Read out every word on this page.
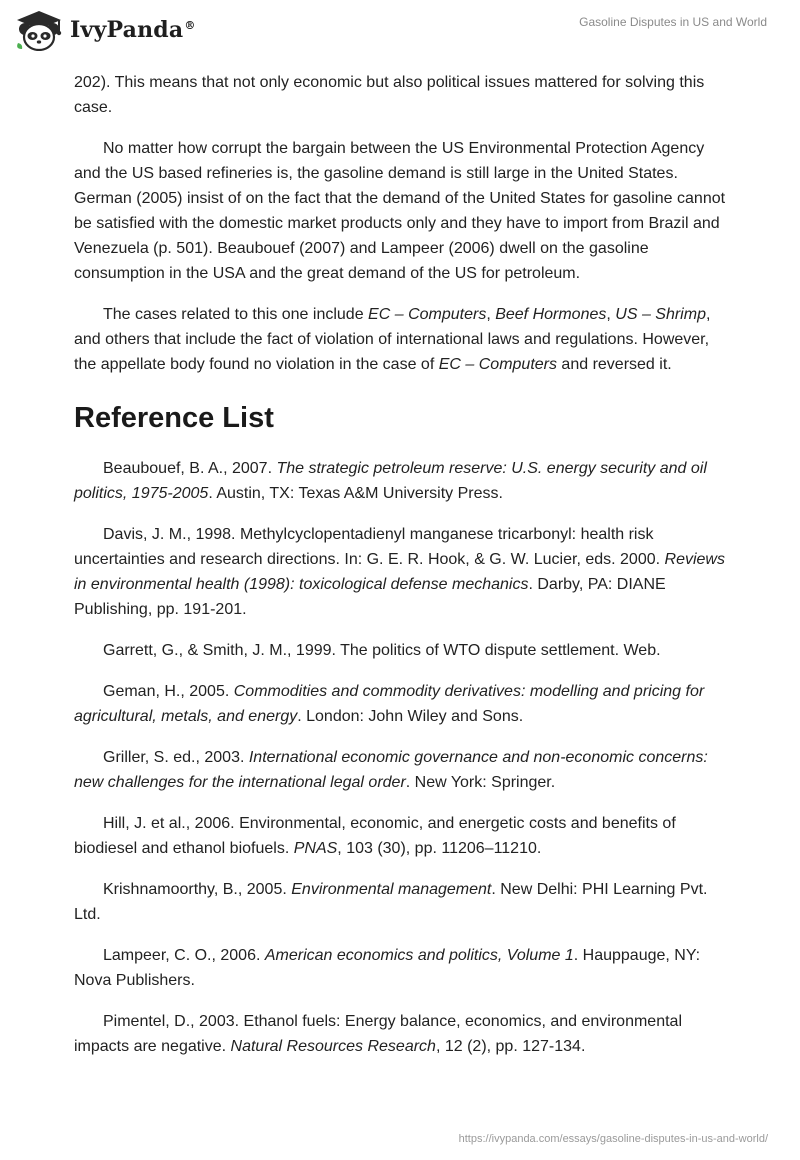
IvyPanda®	Gasoline Disputes in US and World

202). This means that not only economic but also political issues mattered for solving this case.

No matter how corrupt the bargain between the US Environmental Protection Agency and the US based refineries is, the gasoline demand is still large in the United States. German (2005) insist of on the fact that the demand of the United States for gasoline cannot be satisfied with the domestic market products only and they have to import from Brazil and Venezuela (p. 501). Beaubouef (2007) and Lampeer (2006) dwell on the gasoline consumption in the USA and the great demand of the US for petroleum.

The cases related to this one include EC – Computers, Beef Hormones, US – Shrimp, and others that include the fact of violation of international laws and regulations. However, the appellate body found no violation in the case of EC – Computers and reversed it.

Reference List

Beaubouef, B. A., 2007. The strategic petroleum reserve: U.S. energy security and oil politics, 1975-2005. Austin, TX: Texas A&M University Press.

Davis, J. M., 1998. Methylcyclopentadienyl manganese tricarbonyl: health risk uncertainties and research directions. In: G. E. R. Hook, & G. W. Lucier, eds. 2000. Reviews in environmental health (1998): toxicological defense mechanics. Darby, PA: DIANE Publishing, pp. 191-201.

Garrett, G., & Smith, J. M., 1999. The politics of WTO dispute settlement. Web.

Geman, H., 2005. Commodities and commodity derivatives: modelling and pricing for agricultural, metals, and energy. London: John Wiley and Sons.

Griller, S. ed., 2003. International economic governance and non-economic concerns: new challenges for the international legal order. New York: Springer.

Hill, J. et al., 2006. Environmental, economic, and energetic costs and benefits of biodiesel and ethanol biofuels. PNAS, 103 (30), pp. 11206–11210.

Krishnamoorthy, B., 2005. Environmental management. New Delhi: PHI Learning Pvt. Ltd.

Lampeer, C. O., 2006. American economics and politics, Volume 1. Hauppauge, NY: Nova Publishers.

Pimentel, D., 2003. Ethanol fuels: Energy balance, economics, and environmental impacts are negative. Natural Resources Research, 12 (2), pp. 127-134.

https://ivypanda.com/essays/gasoline-disputes-in-us-and-world/
